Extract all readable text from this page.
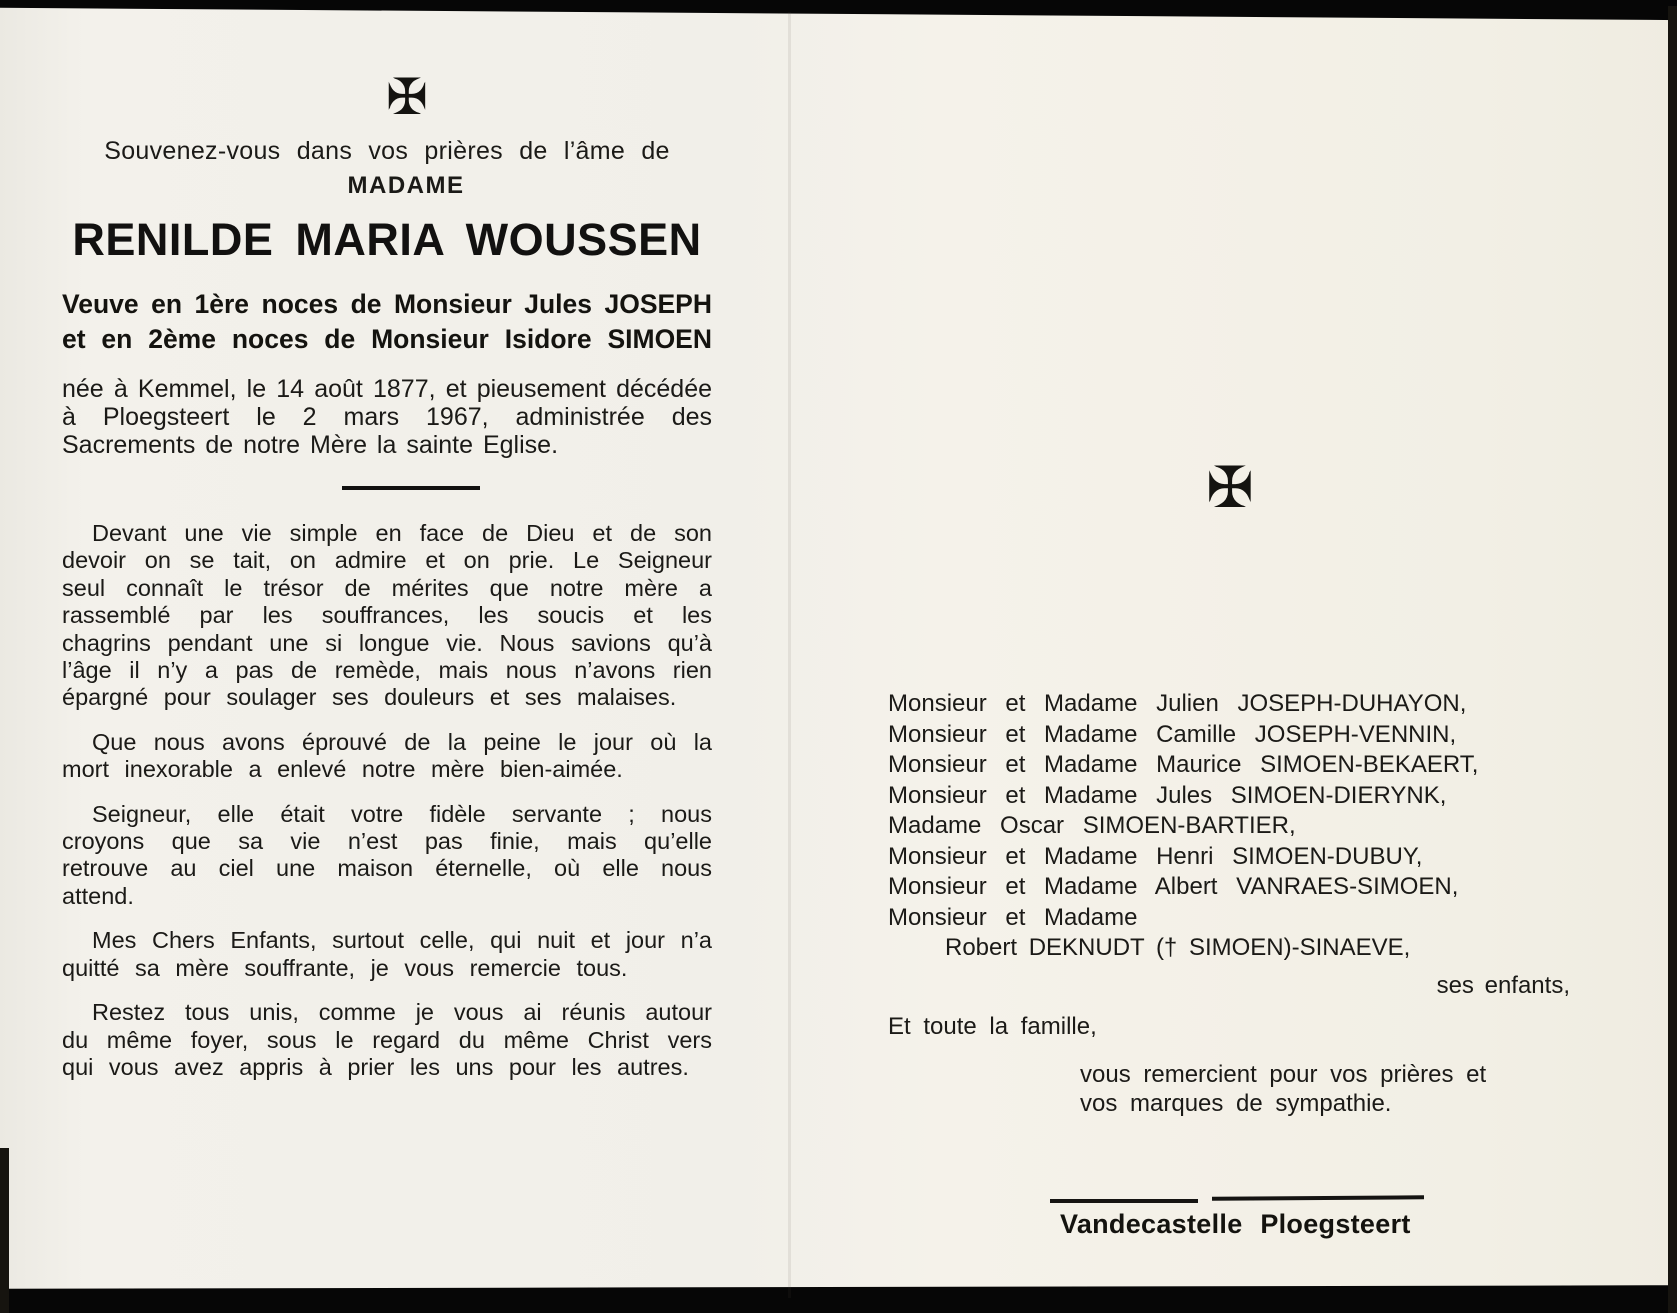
✠
Souvenez-vous dans vos prières de l’âme de
MADAME
RENILDE MARIA WOUSSEN

Veuve en 1ère noces de Monsieur Jules JOSEPH

et en 2ème noces de Monsieur Isidore SIMOEN

née à Kemmel, le 14 août 1877, et pieusement décédée à Ploegsteert le 2 mars 1967, administrée des Sacrements de notre Mère la sainte Eglise.

Devant une vie simple en face de Dieu et de son devoir on se tait, on admire et on prie. Le Seigneur seul connaît le trésor de mérites que notre mère a rassemblé par les souffrances, les soucis et les chagrins pendant une si longue vie. Nous savions qu’à l’âge il n’y a pas de remède, mais nous n’avons rien épargné pour soulager ses douleurs et ses malaises.

Que nous avons éprouvé de la peine le jour où la mort inexorable a enlevé notre mère bien-aimée.

Seigneur, elle était votre fidèle servante ; nous croyons que sa vie n’est pas finie, mais qu’elle retrouve au ciel une maison éternelle, où elle nous attend.

Mes Chers Enfants, surtout celle, qui nuit et jour n’a quitté sa mère souffrante, je vous remercie tous.

Restez tous unis, comme je vous ai réunis autour du même foyer, sous le regard du même Christ vers qui vous avez appris à prier les uns pour les autres.

✠

Monsieur et Madame Julien JOSEPH-DUHAYON,

Monsieur et Madame Camille JOSEPH-VENNIN,

Monsieur et Madame Maurice SIMOEN-BEKAERT,

Monsieur et Madame Jules SIMOEN-DIERYNK,

Madame Oscar SIMOEN-BARTIER,

Monsieur et Madame Henri SIMOEN-DUBUY,

Monsieur et Madame Albert VANRAES-SIMOEN,

Monsieur et Madame

Robert DEKNUDT († SIMOEN)-SINAEVE,

ses enfants,

Et toute la famille,

vous remercient pour vos prières et

vos marques de sympathie.

Vandecastelle Ploegsteert
